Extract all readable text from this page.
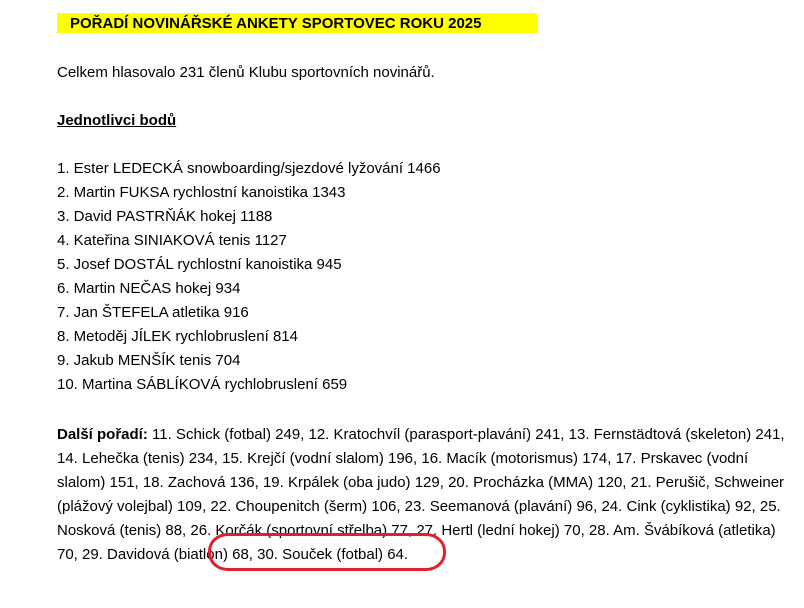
POŘADÍ NOVINÁŘSKÉ ANKETY SPORTOVEC ROKU 2025
Celkem hlasovalo 231 členů Klubu sportovních novinářů.
Jednotlivci bodů
1. Ester LEDECKÁ snowboarding/sjezdové lyžování 1466
2. Martin FUKSA rychlostní kanoistika 1343
3. David PASTRŇÁK hokej 1188
4. Kateřina SINIAKOVÁ tenis 1127
5. Josef DOSTÁL rychlostní kanoistika 945
6. Martin NEČAS hokej 934
7. Jan ŠTEFELA atletika 916
8. Metoděj JÍLEK rychlobruslení 814
9. Jakub MENŠÍK tenis 704
10. Martina SÁBLÍKOVÁ rychlobruslení 659

Další pořadí: 11. Schick (fotbal) 249, 12. Kratochvíl (parasport-plavání) 241, 13. Fernstädtová (skeleton) 241, 14. Lehečka (tenis) 234, 15. Krejčí (vodní slalom) 196, 16. Macík (motorismus) 174, 17. Prskavec (vodní slalom) 151, 18. Zachová 136, 19. Krpálek (oba judo) 129, 20. Procházka (MMA) 120, 21. Perušič, Schweiner (plážový volejbal) 109, 22. Choupenitch (šerm) 106, 23. Seemanová (plavání) 96, 24. Cink (cyklistika) 92, 25. Nosková (tenis) 88, 26. Korčák (sportovní střelba) 77, 27. Hertl (lední hokej) 70, 28. Am. Švábíková (atletika) 70, 29. Davidová (biatlon) 68, 30. Souček (fotbal) 64.
